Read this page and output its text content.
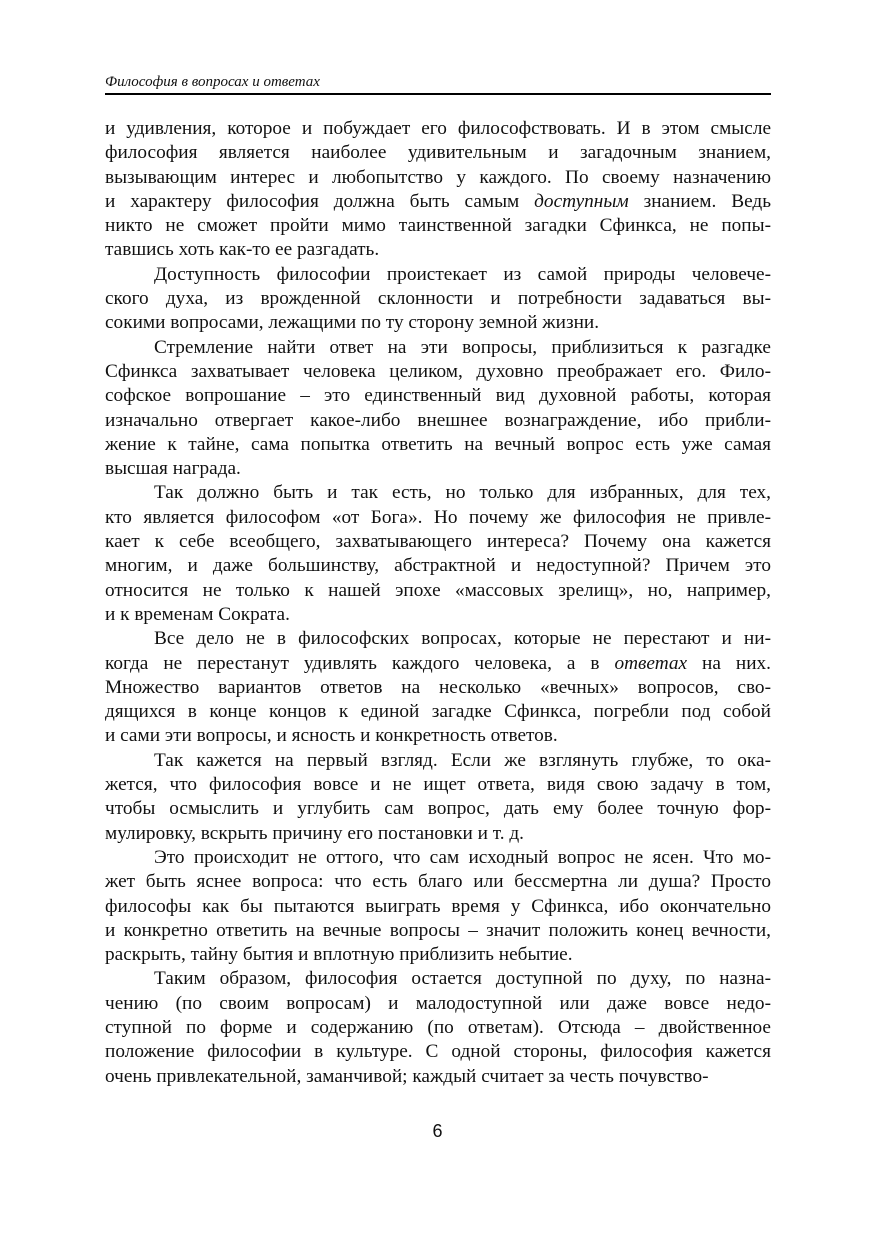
Философия в вопросах и ответах
и удивления, которое и побуждает его философствовать. И в этом смысле
философия является наиболее удивительным и загадочным знанием,
вызывающим интерес и любопытство у каждого. По своему назначению
и характеру философия должна быть самым доступным знанием. Ведь
никто не сможет пройти мимо таинственной загадки Сфинкса, не попы-
тавшись хоть как-то ее разгадать.
Доступность философии проистекает из самой природы человече-
ского духа, из врожденной склонности и потребности задаваться вы-
сокими вопросами, лежащими по ту сторону земной жизни.
Стремление найти ответ на эти вопросы, приблизиться к разгадке
Сфинкса захватывает человека целиком, духовно преображает его. Фило-
софское вопрошание – это единственный вид духовной работы, которая
изначально отвергает какое-либо внешнее вознаграждение, ибо прибли-
жение к тайне, сама попытка ответить на вечный вопрос есть уже самая
высшая награда.
Так должно быть и так есть, но только для избранных, для тех,
кто является философом «от Бога». Но почему же философия не привле-
кает к себе всеобщего, захватывающего интереса? Почему она кажется
многим, и даже большинству, абстрактной и недоступной? Причем это
относится не только к нашей эпохе «массовых зрелищ», но, например,
и к временам Сократа.
Все дело не в философских вопросах, которые не перестают и ни-
когда не перестанут удивлять каждого человека, а в ответах на них.
Множество вариантов ответов на несколько «вечных» вопросов, сво-
дящихся в конце концов к единой загадке Сфинкса, погребли под собой
и сами эти вопросы, и ясность и конкретность ответов.
Так кажется на первый взгляд. Если же взглянуть глубже, то ока-
жется, что философия вовсе и не ищет ответа, видя свою задачу в том,
чтобы осмыслить и углубить сам вопрос, дать ему более точную фор-
мулировку, вскрыть причину его постановки и т. д.
Это происходит не оттого, что сам исходный вопрос не ясен. Что мо-
жет быть яснее вопроса: что есть благо или бессмертна ли душа? Просто
философы как бы пытаются выиграть время у Сфинкса, ибо окончательно
и конкретно ответить на вечные вопросы – значит положить конец вечности,
раскрыть, тайну бытия и вплотную приблизить небытие.
Таким образом, философия остается доступной по духу, по назна-
чению (по своим вопросам) и малодоступной или даже вовсе недо-
ступной по форме и содержанию (по ответам). Отсюда – двойственное
положение философии в культуре. С одной стороны, философия кажется
очень привлекательной, заманчивой; каждый считает за честь почувство-
6
